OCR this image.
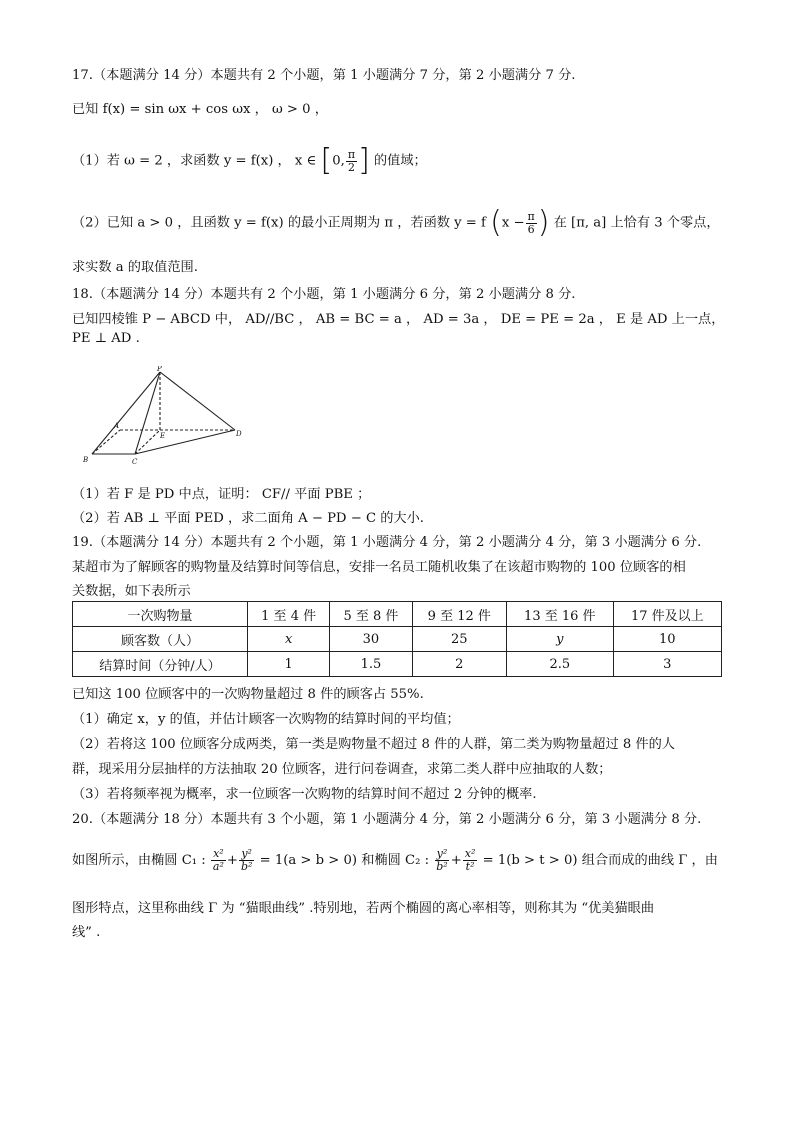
17.（本题满分 14 分）本题共有 2 个小题，第 1 小题满分 7 分，第 2 小题满分 7 分.
已知 f(x) = sin ωx + cos ωx ， ω > 0 ，
（1）若 ω = 2 ，求函数 y = f(x) ， x ∈ [0, $\frac{\pi}{2}$ ] 的值域；
（2）已知 a > 0 ，且函数 y = f(x) 的最小正周期为 π ，若函数 y = f ($x - \frac{\pi}{6}$ ) 在 [π, a] 上恰有 3 个零点，
求实数 a 的取值范围.
18.（本题满分 14 分）本题共有 2 个小题，第 1 小题满分 6 分，第 2 小题满分 8 分.
已知四棱锥 P − ABCD 中， AD//BC ， AB = BC = a ， AD = 3a ， DE = PE = 2a ， E 是 AD 上一点，
PE ⊥ AD .
P
A
B	C
D
E
（1）若 F 是 PD 中点，证明： CF// 平面 PBE ；
（2）若 AB ⊥ 平面 PED ，求二面角 A − PD − C 的大小.
19.（本题满分 14 分）本题共有 2 个小题，第 1 小题满分 4 分，第 2 小题满分 4 分，第 3 小题满分 6 分.
某超市为了解顾客的购物量及结算时间等信息，安排一名员工随机收集了在该超市购物的 100 位顾客的相
关数据，如下表所示
一次购物量	1 至 4 件	5 至 8 件	9 至 12 件	13 至 16 件	17 件及以上
顾客数（人）	x	30	25	y	10
结算时间（分钟/人）	1	1.5	2	2.5	3
已知这 100 位顾客中的一次购物量超过 8 件的顾客占 55%.
（1）确定 x，y 的值，并估计顾客一次购物的结算时间的平均值；
（2）若将这 100 位顾客分成两类，第一类是购物量不超过 8 件的人群，第二类为购物量超过 8 件的人
群，现采用分层抽样的方法抽取 20 位顾客，进行问卷调查，求第二类人群中应抽取的人数；
（3）若将频率视为概率，求一位顾客一次购物的结算时间不超过 2 分钟的概率.
20.（本题满分 18 分）本题共有 3 个小题，第 1 小题满分 4 分，第 2 小题满分 6 分，第 3 小题满分 8 分.
如图所示，由椭圆 C₁ : $\frac{\text{x²}}{\text{a²}} + \frac{\text{y²}}{\text{b²}} = 1(a > b > 0)$ 和椭圆 C₂ : $\frac{\text{y²}}{\text{b²}} + \frac{\text{x²}}{\text{t²}} = 1(b > t > 0)$ 组合而成的曲线 Γ ，由
图形特点，这里称曲线 Γ 为 “猫眼曲线” .特别地，若两个椭圆的离心率相等，则称其为 “优美猫眼曲
线” .
